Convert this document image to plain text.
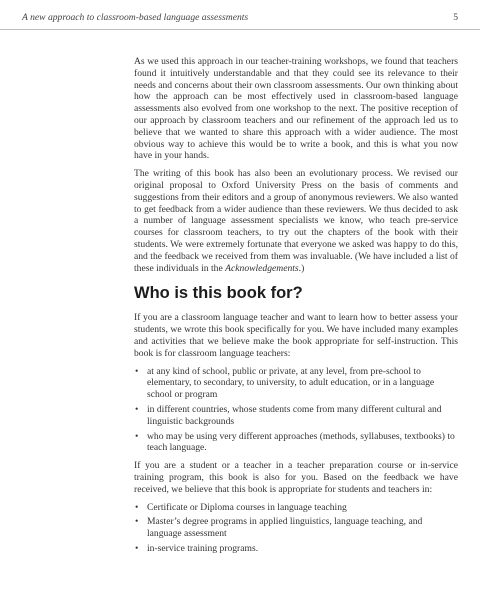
A new approach to classroom-based language assessments	5

As we used this approach in our teacher-training workshops, we found that teachers found it intuitively understandable and that they could see its relevance to their needs and concerns about their own classroom assessments. Our own thinking about how the approach can be most effectively used in classroom-based language assessments also evolved from one workshop to the next. The positive reception of our approach by classroom teachers and our refinement of the approach led us to believe that we wanted to share this approach with a wider audience. The most obvious way to achieve this would be to write a book, and this is what you now have in your hands.

The writing of this book has also been an evolutionary process. We revised our original proposal to Oxford University Press on the basis of comments and suggestions from their editors and a group of anonymous reviewers. We also wanted to get feedback from a wider audience than these reviewers. We thus decided to ask a number of language assessment specialists we know, who teach pre-service courses for classroom teachers, to try out the chapters of the book with their students. We were extremely fortunate that everyone we asked was happy to do this, and the feedback we received from them was invaluable. (We have included a list of these individuals in the Acknowledgements.)

Who is this book for?

If you are a classroom language teacher and want to learn how to better assess your students, we wrote this book specifically for you. We have included many examples and activities that we believe make the book appropriate for self-instruction. This book is for classroom language teachers:

• at any kind of school, public or private, at any level, from pre-school to elementary, to secondary, to university, to adult education, or in a language school or program
• in different countries, whose students come from many different cultural and linguistic backgrounds
• who may be using very different approaches (methods, syllabuses, textbooks) to teach language.

If you are a student or a teacher in a teacher preparation course or in-service training program, this book is also for you. Based on the feedback we have received, we believe that this book is appropriate for students and teachers in:

• Certificate or Diploma courses in language teaching
• Master’s degree programs in applied linguistics, language teaching, and language assessment
• in-service training programs.
